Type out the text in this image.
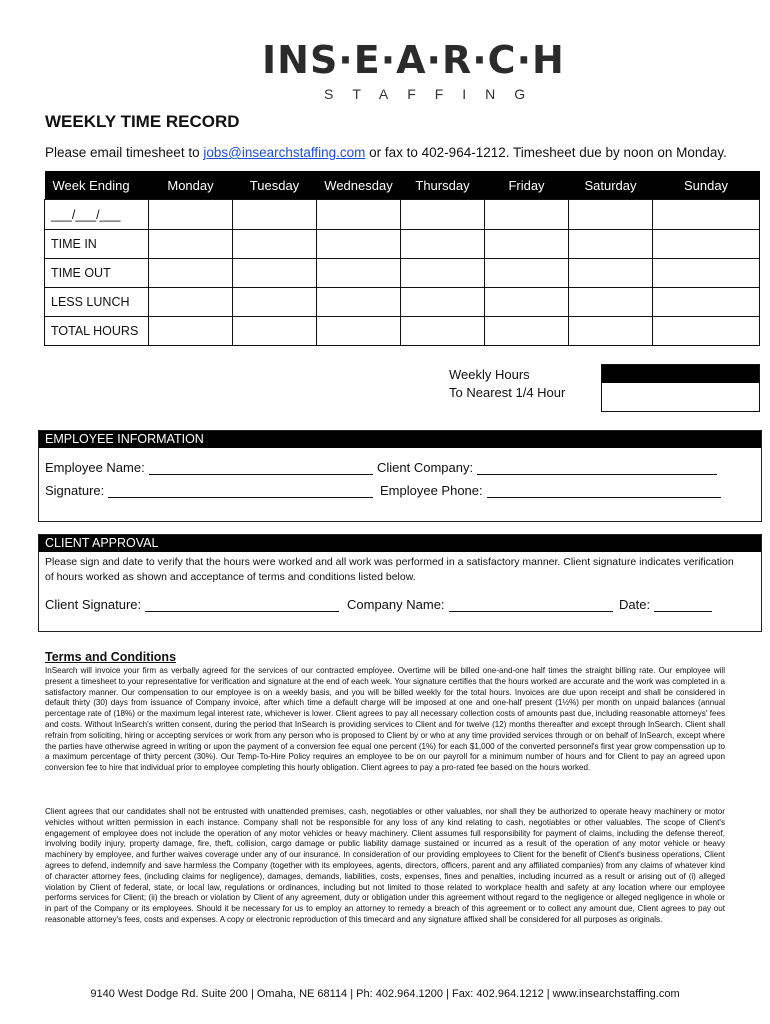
INS·E·A·R·C·H
STAFFING
WEEKLY TIME RECORD
Please email timesheet to jobs@insearchstaffing.com or fax to 402-964-1212. Timesheet due by noon on Monday.
Week Ending	Monday	Tuesday	Wednesday	Thursday	Friday	Saturday	Sunday
___/___/___							
TIME IN							
TIME OUT							
LESS LUNCH							
TOTAL HOURS							
Weekly Hours
To Nearest 1/4 Hour
EMPLOYEE INFORMATION
Employee Name:	Client Company:
Signature:	Employee Phone:
CLIENT APPROVAL
Please sign and date to verify that the hours were worked and all work was performed in a satisfactory manner. Client signature indicates verification of hours worked as shown and acceptance of terms and conditions listed below.
Client Signature:	Company Name:	Date:
Terms and Conditions
InSearch will invoice your firm as verbally agreed for the services of our contracted employee. Overtime will be billed one-and-one half times the straight billing rate. Our employee will present a timesheet to your representative for verification and signature at the end of each week. Your signature certifies that the hours worked are accurate and the work was completed in a satisfactory manner. Our compensation to our employee is on a weekly basis, and you will be billed weekly for the total hours. Invoices are due upon receipt and shall be considered in default thirty (30) days from issuance of Company invoice, after which time a default charge will be imposed at one and one-half present (1½%) per month on unpaid balances (annual percentage rate of (18%) or the maximum legal interest rate, whichever is lower. Client agrees to pay all necessary collection costs of amounts past due, including reasonable attorneys' fees and costs. Without InSearch's written consent, during the period that InSearch is providing services to Client and for twelve (12) months thereafter and except through InSearch. Client shall refrain from soliciting, hiring or accepting services or work from any person who is proposed to Client by or who at any time provided services through or on behalf of InSearch, except where the parties have otherwise agreed in writing or upon the payment of a conversion fee equal one percent (1%) for each $1,000 of the converted personnel's first year grow compensation up to a maximum percentage of thirty percent (30%). Our Temp-To-Hire Policy requires an employee to be on our payroll for a minimum number of hours and for Client to pay an agreed upon conversion fee to hire that individual prior to employee completing this hourly obligation. Client agrees to pay a pro-rated fee based on the hours worked.
Client agrees that our candidates shall not be entrusted with unattended premises, cash, negotiables or other valuables, nor shall they be authorized to operate heavy machinery or motor vehicles without written permission in each instance. Company shall not be responsible for any loss of any kind relating to cash, negotiables or other valuables. The scope of Client's engagement of employee does not include the operation of any motor vehicles or heavy machinery. Client assumes full responsibility for payment of claims, including the defense thereof, involving bodily injury, property damage, fire, theft, collision, cargo damage or public liability damage sustained or incurred as a result of the operation of any motor vehicle or heavy machinery by employee, and further waives coverage under any of our insurance. In consideration of our providing employees to Client for the benefit of Client's business operations, Client agrees to defend, indemnify and save harmless the Company (together with its employees, agents, directors, officers, parent and any affiliated companies) from any claims of whatever kind of character attorney fees, (including claims for negligence), damages, demands, liabilities, costs, expenses, fines and penalties, including incurred as a result or arising out of (i) alleged violation by Client of federal, state, or local law, regulations or ordinances, including but not limited to those related to workplace health and safety at any location where our employee performs services for Client; (ii) the breach or violation by Client of any agreement, duty or obligation under this agreement without regard to the negligence or alleged negligence in whole or in part of the Company or its employees. Should it be necessary for us to employ an attorney to remedy a breach of this agreement or to collect any amount due, Client agrees to pay out reasonable attorney's fees, costs and expenses. A copy or electronic reproduction of this timecard and any signature affixed shall be considered for all purposes as originals.
9140 West Dodge Rd. Suite 200 | Omaha, NE 68114 | Ph: 402.964.1200 | Fax: 402.964.1212 | www.insearchstaffing.com
